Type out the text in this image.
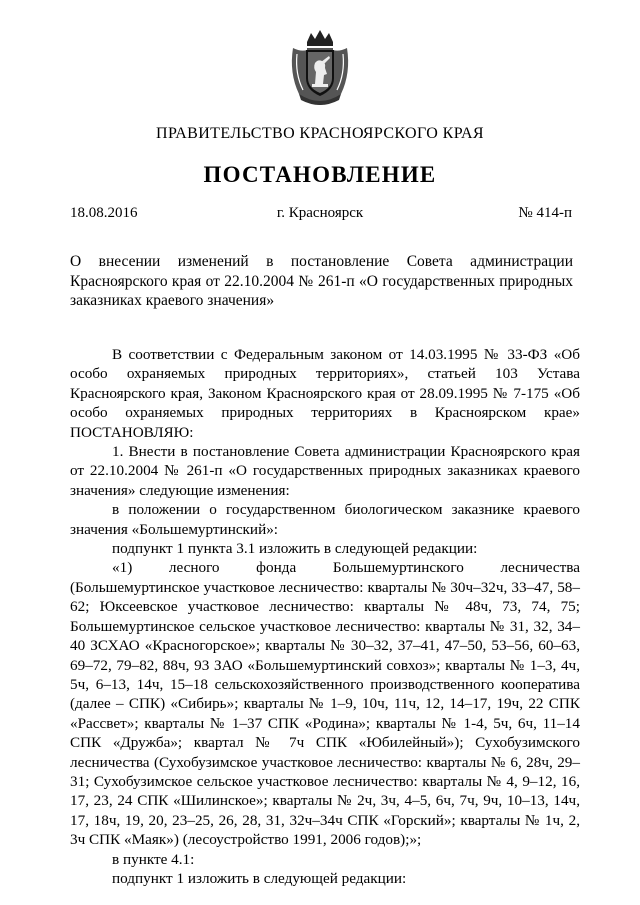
ПРАВИТЕЛЬСТВО КРАСНОЯРСКОГО КРАЯ
ПОСТАНОВЛЕНИЕ
18.08.2016	г. Красноярск	№ 414-п
О внесении изменений в постановление Совета администрации Красноярского края от 22.10.2004 № 261-п «О государственных природных заказниках краевого значения»

В соответствии с Федеральным законом от 14.03.1995 № 33-ФЗ «Об особо охраняемых природных территориях», статьей 103 Устава Красноярского края, Законом Красноярского края от 28.09.1995 № 7-175 «Об особо охраняемых природных территориях в Красноярском крае» ПОСТАНОВЛЯЮ:

1. Внести в постановление Совета администрации Красноярского края от 22.10.2004 № 261-п «О государственных природных заказниках краевого значения» следующие изменения:

в положении о государственном биологическом заказнике краевого значения «Большемуртинский»:

подпункт 1 пункта 3.1 изложить в следующей редакции:

«1) лесного фонда Большемуртинского лесничества (Большемуртинское участковое лесничество: кварталы № 30ч–32ч, 33–47, 58–62; Юксеевское участковое лесничество: кварталы № 48ч, 73, 74, 75; Большемуртинское сельское участковое лесничество: кварталы № 31, 32, 34–40 ЗСХАО «Красногорское»; кварталы № 30–32, 37–41, 47–50, 53–56, 60–63, 69–72, 79–82, 88ч, 93 ЗАО «Большемуртинский совхоз»; кварталы № 1–3, 4ч, 5ч, 6–13, 14ч, 15–18 сельскохозяйственного производственного кооператива (далее – СПК) «Сибирь»; кварталы № 1–9, 10ч, 11ч, 12, 14–17, 19ч, 22 СПК «Рассвет»; кварталы № 1–37 СПК «Родина»; кварталы № 1-4, 5ч, 6ч, 11–14 СПК «Дружба»; квартал № 7ч СПК «Юбилейный»); Сухобузимского лесничества (Сухобузимское участковое лесничество: кварталы № 6, 28ч, 29–31; Сухобузимское сельское участковое лесничество: кварталы № 4, 9–12, 16, 17, 23, 24 СПК «Шилинское»; кварталы № 2ч, 3ч, 4–5, 6ч, 7ч, 9ч, 10–13, 14ч, 17, 18ч, 19, 20, 23–25, 26, 28, 31, 32ч–34ч СПК «Горский»; кварталы № 1ч, 2, 3ч СПК «Маяк») (лесоустройство 1991, 2006 годов);»;

в пункте 4.1:

подпункт 1 изложить в следующей редакции:
